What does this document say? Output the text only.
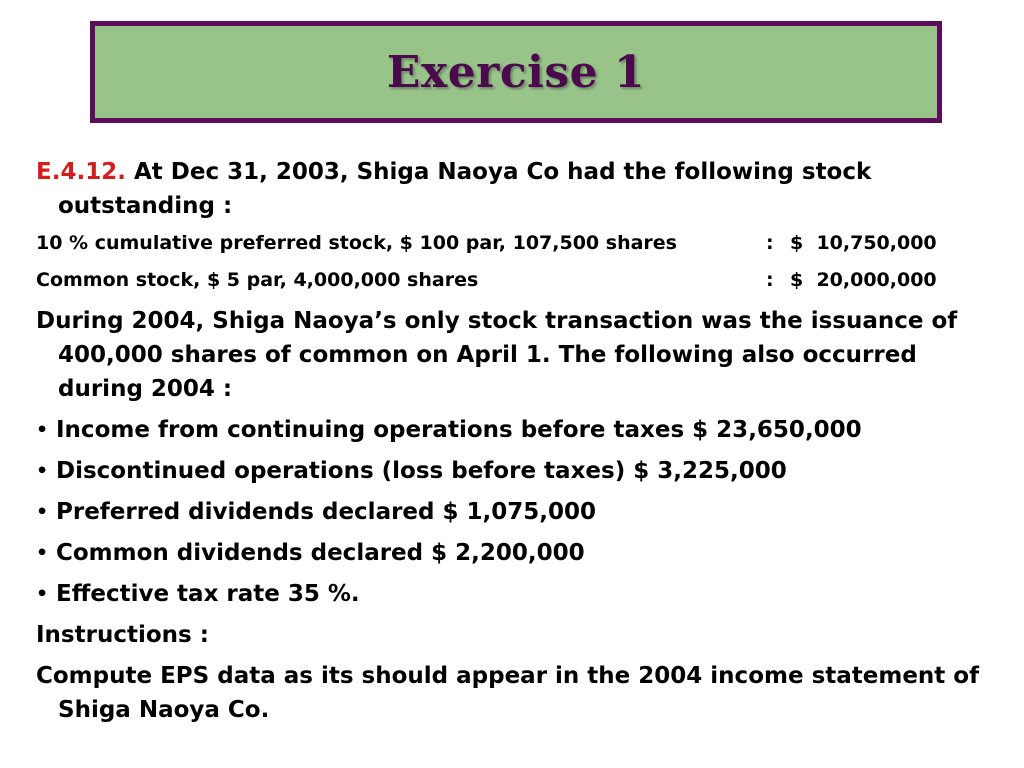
Exercise 1

E.4.12. At Dec 31, 2003, Shiga Naoya Co had the following stock outstanding :

10 % cumulative preferred stock, $ 100 par, 107,500 shares	: $  10,750,000
Common stock, $ 5 par, 4,000,000 shares	: $  20,000,000

During 2004, Shiga Naoya’s only stock transaction was the issuance of 400,000 shares of common on April 1. The following also occurred during 2004 :

• Income from continuing operations before taxes $ 23,650,000
• Discontinued operations (loss before taxes) $ 3,225,000
• Preferred dividends declared $ 1,075,000
• Common dividends declared $ 2,200,000
• Effective tax rate 35 %.

Instructions :

Compute EPS data as its should appear in the 2004 income statement of Shiga Naoya Co.
